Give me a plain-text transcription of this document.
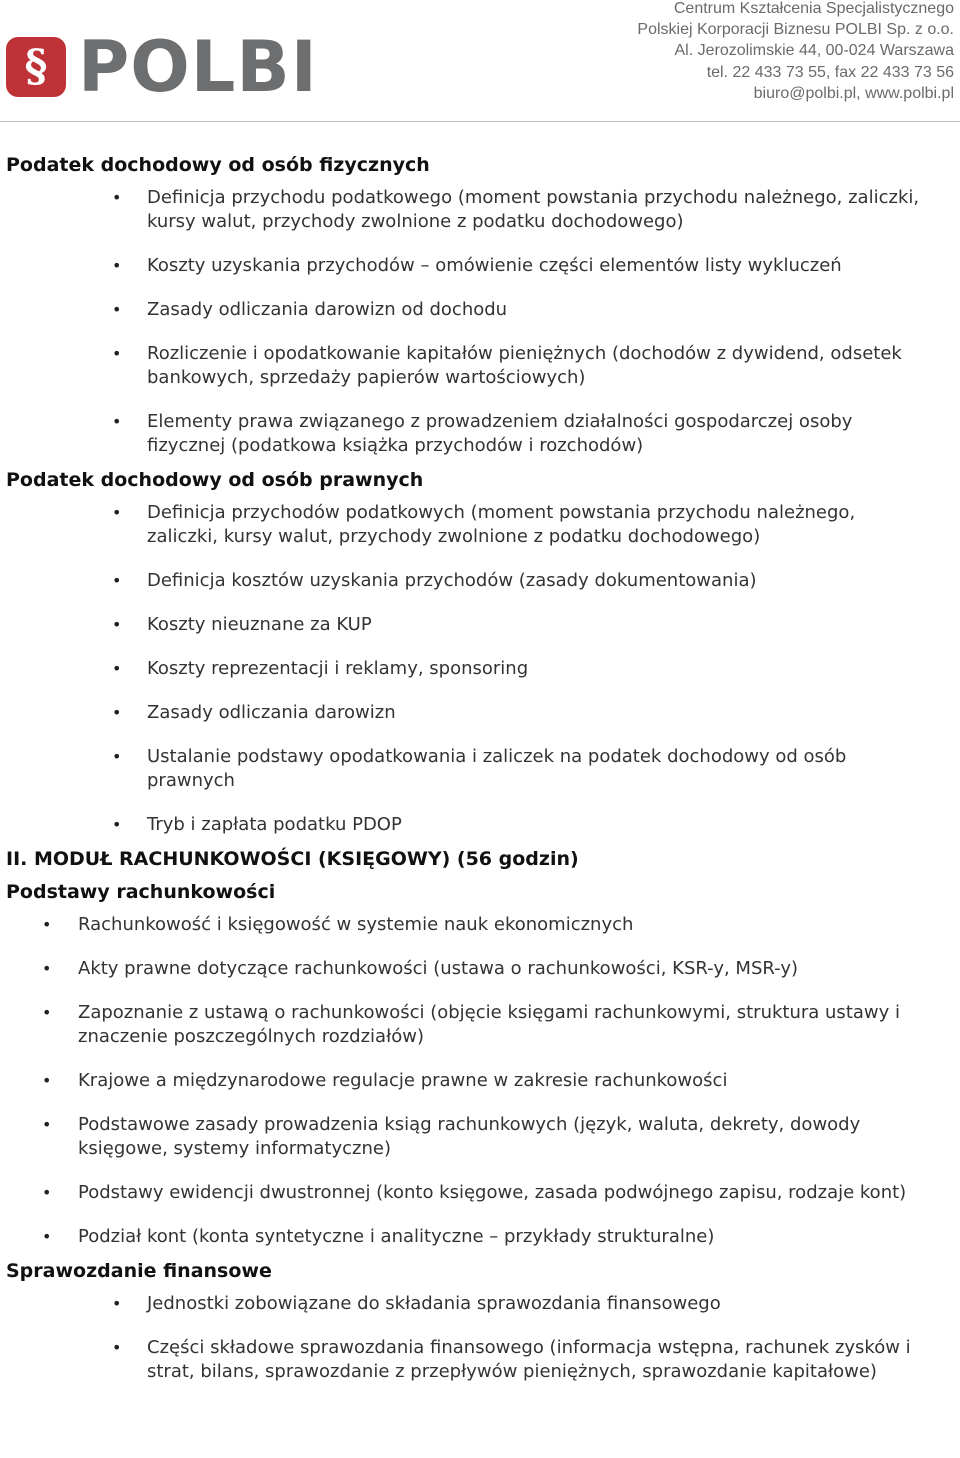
§ POLBI
Centrum Kształcenia Specjalistycznego
Polskiej Korporacji Biznesu POLBI Sp. z o.o.
Al. Jerozolimskie 44, 00-024 Warszawa
tel. 22 433 73 55, fax 22 433 73 56
biuro@polbi.pl, www.polbi.pl
Podatek dochodowy od osób fizycznych
• Definicja przychodu podatkowego (moment powstania przychodu należnego, zaliczki, kursy walut, przychody zwolnione z podatku dochodowego)
• Koszty uzyskania przychodów – omówienie części elementów listy wykluczeń
• Zasady odliczania darowizn od dochodu
• Rozliczenie i opodatkowanie kapitałów pieniężnych (dochodów z dywidend, odsetek bankowych, sprzedaży papierów wartościowych)
• Elementy prawa związanego z prowadzeniem działalności gospodarczej osoby fizycznej (podatkowa książka przychodów i rozchodów)
Podatek dochodowy od osób prawnych
• Definicja przychodów podatkowych (moment powstania przychodu należnego, zaliczki, kursy walut, przychody zwolnione z podatku dochodowego)
• Definicja kosztów uzyskania przychodów (zasady dokumentowania)
• Koszty nieuznane za KUP
• Koszty reprezentacji i reklamy, sponsoring
• Zasady odliczania darowizn
• Ustalanie podstawy opodatkowania i zaliczek na podatek dochodowy od osób prawnych
• Tryb i zapłata podatku PDOP
II. MODUŁ RACHUNKOWOŚCI (KSIĘGOWY) (56 godzin)
Podstawy rachunkowości
• Rachunkowość i księgowość w systemie nauk ekonomicznych
• Akty prawne dotyczące rachunkowości (ustawa o rachunkowości, KSR-y, MSR-y)
• Zapoznanie z ustawą o rachunkowości (objęcie księgami rachunkowymi, struktura ustawy i znaczenie poszczególnych rozdziałów)
• Krajowe a międzynarodowe regulacje prawne w zakresie rachunkowości
• Podstawowe zasady prowadzenia ksiąg rachunkowych (język, waluta, dekrety, dowody księgowe, systemy informatyczne)
• Podstawy ewidencji dwustronnej (konto księgowe, zasada podwójnego zapisu, rodzaje kont)
• Podział kont (konta syntetyczne i analityczne – przykłady strukturalne)
Sprawozdanie finansowe
• Jednostki zobowiązane do składania sprawozdania finansowego
• Części składowe sprawozdania finansowego (informacja wstępna, rachunek zysków i strat, bilans, sprawozdanie z przepływów pieniężnych, sprawozdanie kapitałowe)
